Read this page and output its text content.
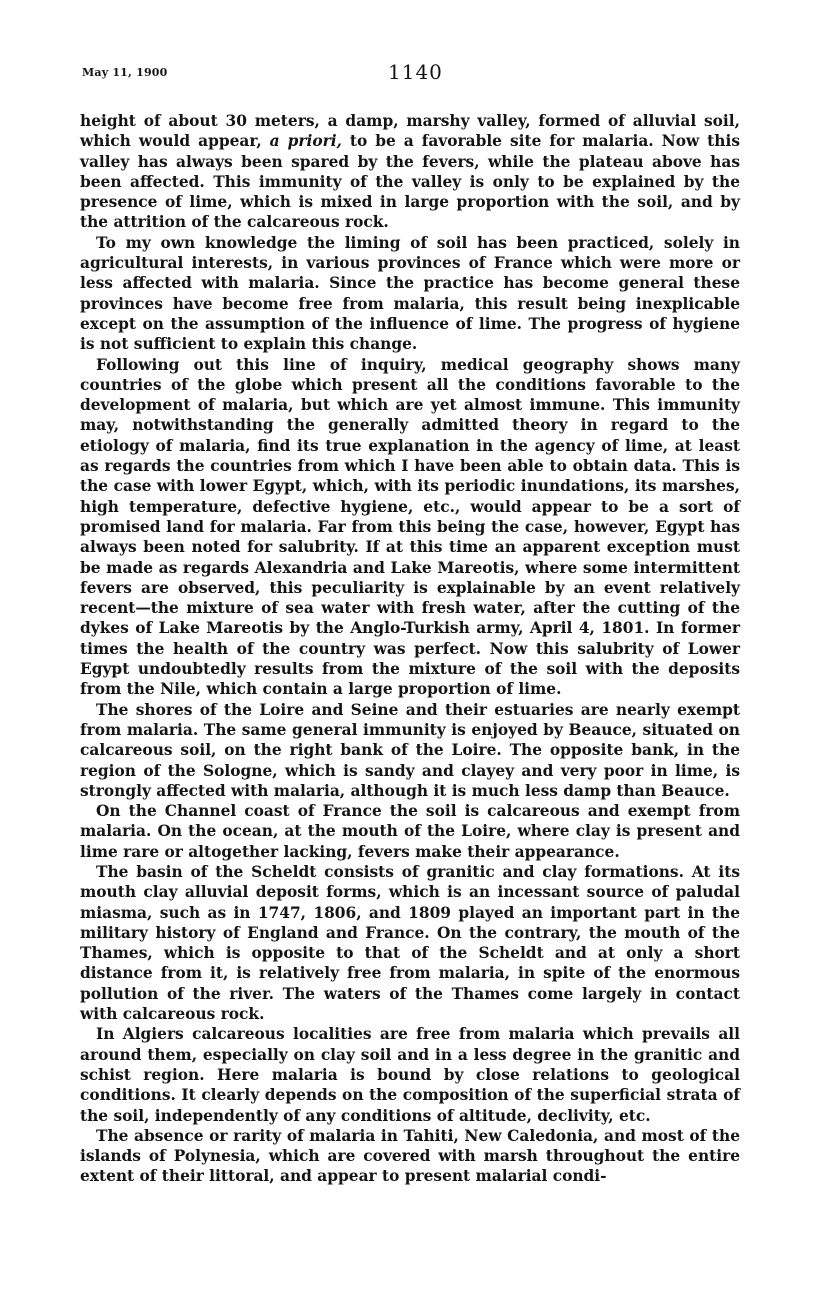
May 11, 1900	1140

height of about 30 meters, a damp, marshy valley, formed of alluvial soil, which would appear, a priori, to be a favorable site for malaria. Now this valley has always been spared by the fevers, while the plateau above has been affected. This immunity of the valley is only to be explained by the presence of lime, which is mixed in large proportion with the soil, and by the attrition of the calcareous rock.

To my own knowledge the liming of soil has been practiced, solely in agricultural interests, in various provinces of France which were more or less affected with malaria. Since the practice has become general these provinces have become free from malaria, this result being inexplicable except on the assumption of the influence of lime. The progress of hygiene is not sufficient to explain this change.

Following out this line of inquiry, medical geography shows many countries of the globe which present all the conditions favorable to the development of malaria, but which are yet almost immune. This immunity may, notwithstanding the generally admitted theory in regard to the etiology of malaria, find its true explanation in the agency of lime, at least as regards the countries from which I have been able to obtain data. This is the case with lower Egypt, which, with its periodic inundations, its marshes, high temperature, defective hygiene, etc., would appear to be a sort of promised land for malaria. Far from this being the case, however, Egypt has always been noted for salubrity. If at this time an apparent exception must be made as regards Alexandria and Lake Mareotis, where some intermittent fevers are observed, this peculiarity is explainable by an event relatively recent—the mixture of sea water with fresh water, after the cutting of the dykes of Lake Mareotis by the Anglo-Turkish army, April 4, 1801. In former times the health of the country was perfect. Now this salubrity of Lower Egypt undoubtedly results from the mixture of the soil with the deposits from the Nile, which contain a large proportion of lime.

The shores of the Loire and Seine and their estuaries are nearly exempt from malaria. The same general immunity is enjoyed by Beauce, situated on calcareous soil, on the right bank of the Loire. The opposite bank, in the region of the Sologne, which is sandy and clayey and very poor in lime, is strongly affected with malaria, although it is much less damp than Beauce.

On the Channel coast of France the soil is calcareous and exempt from malaria. On the ocean, at the mouth of the Loire, where clay is present and lime rare or altogether lacking, fevers make their appearance.

The basin of the Scheldt consists of granitic and clay formations. At its mouth clay alluvial deposit forms, which is an incessant source of paludal miasma, such as in 1747, 1806, and 1809 played an important part in the military history of England and France. On the contrary, the mouth of the Thames, which is opposite to that of the Scheldt and at only a short distance from it, is relatively free from malaria, in spite of the enormous pollution of the river. The waters of the Thames come largely in contact with calcareous rock.

In Algiers calcareous localities are free from malaria which prevails all around them, especially on clay soil and in a less degree in the granitic and schist region. Here malaria is bound by close relations to geological conditions. It clearly depends on the composition of the superficial strata of the soil, independently of any conditions of altitude, declivity, etc.

The absence or rarity of malaria in Tahiti, New Caledonia, and most of the islands of Polynesia, which are covered with marsh throughout the entire extent of their littoral, and appear to present malarial condi-
